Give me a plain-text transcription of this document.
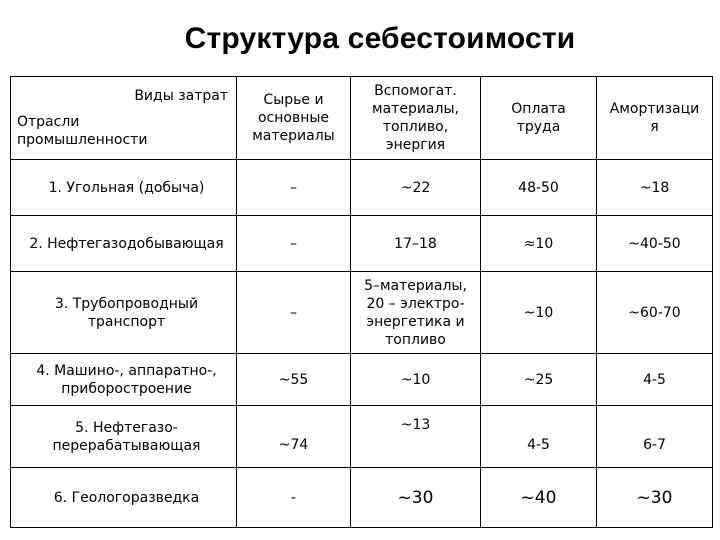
Структура себестоимости
Виды затрат
Отрасли
промышленности	Сырье и
основные
материалы	Вспомогат.
материалы,
топливо,
энергия	Оплата
труда	Амортизаци
я
1. Угольная (добыча)	–	~22	48-50	~18
2. Нефтегазодобывающая	–	17–18	≈10	~40-50
3. Трубопроводный
транспорт	–	5–материалы,
20 – электро-
энергетика и
топливо	~10	~60-70
4. Машино-, аппаратно-,
приборостроение	~55	~10	~25	4-5
5. Нефтегазо-
перерабатывающая	~74	~13	4-5	6-7
6. Геологоразведка	-	~30	~40	~30
